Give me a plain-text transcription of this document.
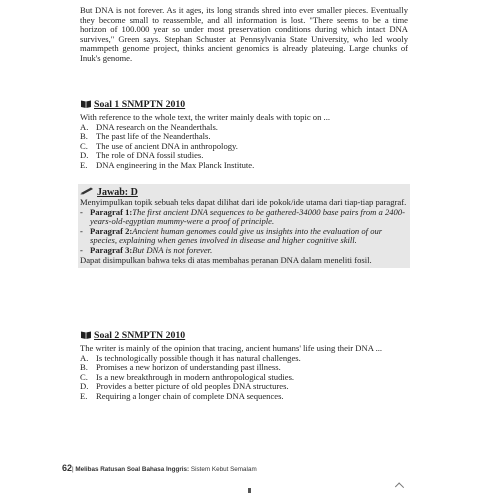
But DNA is not forever. As it ages, its long strands shred into ever smaller pieces. Eventually they become small to reassemble, and all information is lost. "There seems to be a time horizon of 100.000 year so under most preservation conditions during which intact DNA survives," Green says. Stephan Schuster at Pennsylvania State University, who led wooly mammpeth genome project, thinks ancient genomics is already plateuing. Large chunks of Inuk's genome.

Soal 1 SNMPTN 2010

With reference to the whole text, the writer mainly deals with topic on ...

A. DNA research on the Neanderthals.
B. The past life of the Neanderthals.
C. The use of ancient DNA in anthropology.
D. The role of DNA fossil studies.
E. DNA engineering in the Max Planck Institute.
Jawab: D

Menyimpulkan topik sebuah teks dapat dilihat dari ide pokok/ide utama dari tiap-tiap paragraf.

- Paragraf 1:The first ancient DNA sequences to be gathered-34000 base pairs from a 2400-years-old-egyptian mummy-were a proof of principle.
- Paragraf 2:Ancient human genomes could give us insights into the evaluation of our species, explaining when genes involved in disease and higher cognitive skill.
- Paragraf 3:But DNA is not forever.

Dapat disimpulkan bahwa teks di atas membahas peranan DNA dalam meneliti fosil.

Soal 2 SNMPTN 2010

The writer is mainly of the opinion that tracing, ancient humans' life using their DNA ...

A. Is technologically possible though it has natural challenges.
B. Promises a new horizon of understanding past illness.
C. Is a new breakthrough in modern anthropological studies.
D. Provides a better picture of old peoples DNA structures.
E. Requiring a longer chain of complete DNA sequences.
62| Melibas Ratusan Soal Bahasa Inggris: Sistem Kebut Semalam
